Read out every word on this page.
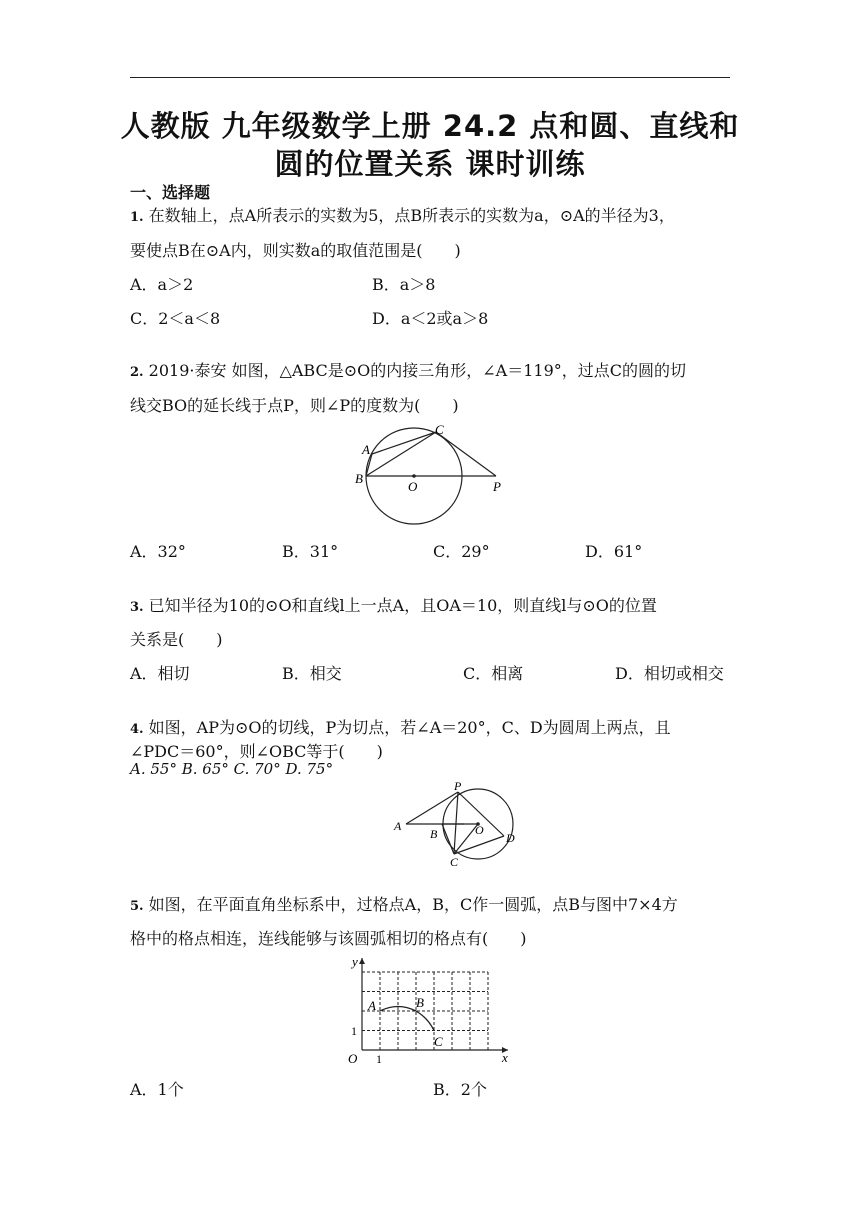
人教版 九年级数学上册 24.2 点和圆、直线和
圆的位置关系 课时训练
一、选择题
1. 在数轴上，点A所表示的实数为5，点B所表示的实数为a，⊙A的半径为3，
要使点B在⊙A内，则实数a的取值范围是(　　)
A．a＞2	B．a＞8
C．2＜a＜8	D．a＜2或a＞8
2. 2019·泰安 如图，△ABC是⊙O的内接三角形，∠A＝119°，过点C的圆的切
线交BO的延长线于点P，则∠P的度数为(　　)
A
B
C
O	P
A．32°	B．31°	C．29°	D．61°
3. 已知半径为10的⊙O和直线l上一点A，且OA＝10，则直线l与⊙O的位置
关系是(　　)
A．相切	B．相交	C．相离	D．相切或相交
4. 如图，AP为⊙O的切线，P为切点，若∠A＝20°，C、D为圆周上两点，且
∠PDC＝60°，则∠OBC等于(　　)
A. 55° B. 65° C. 70° D. 75°
P
A
B	O
D
C
5. 如图，在平面直角坐标系中，过格点A，B，C作一圆弧，点B与图中7×4方
格中的格点相连，连线能够与该圆弧相切的格点有(　　)
y
x
O 1
1
A	B
C
A．1个	B．2个
